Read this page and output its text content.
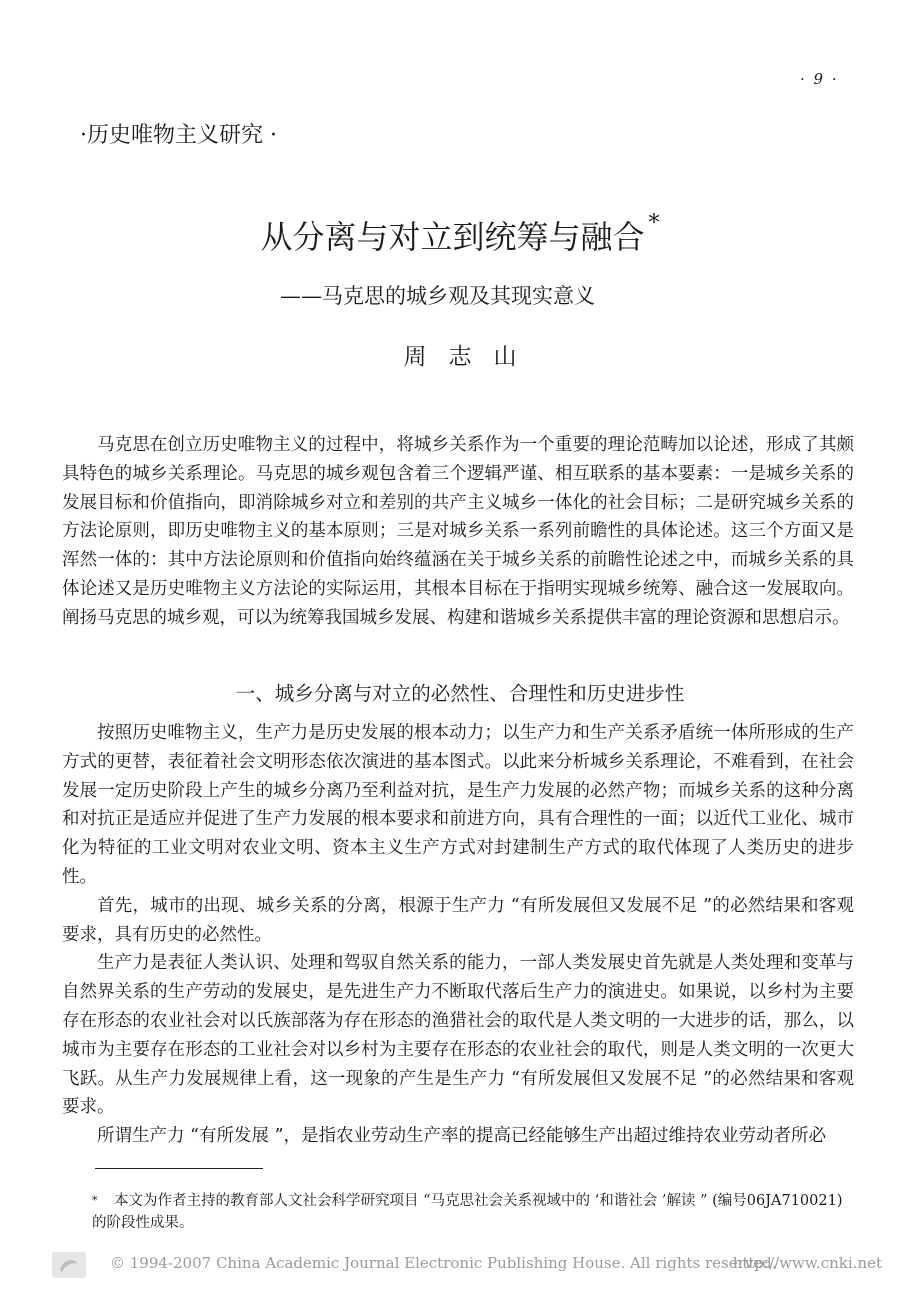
· 9 ·
·历史唯物主义研究 ·
从分离与对立到统筹与融合 *
——马克思的城乡观及其现实意义
周志山

马克思在创立历史唯物主义的过程中，将城乡关系作为一个重要的理论范畴加以论述，形成了其颇具特色的城乡关系理论。马克思的城乡观包含着三个逻辑严谨、相互联系的基本要素：一是城乡关系的发展目标和价值指向，即消除城乡对立和差别的共产主义城乡一体化的社会目标；二是研究城乡关系的方法论原则，即历史唯物主义的基本原则；三是对城乡关系一系列前瞻性的具体论述。这三个方面又是浑然一体的：其中方法论原则和价值指向始终蕴涵在关于城乡关系的前瞻性论述之中，而城乡关系的具体论述又是历史唯物主义方法论的实际运用，其根本目标在于指明实现城乡统筹、融合这一发展取向。阐扬马克思的城乡观，可以为统筹我国城乡发展、构建和谐城乡关系提供丰富的理论资源和思想启示。

一、城乡分离与对立的必然性、合理性和历史进步性

按照历史唯物主义，生产力是历史发展的根本动力；以生产力和生产关系矛盾统一体所形成的生产方式的更替，表征着社会文明形态依次演进的基本图式。以此来分析城乡关系理论，不难看到，在社会发展一定历史阶段上产生的城乡分离乃至利益对抗，是生产力发展的必然产物；而城乡关系的这种分离和对抗正是适应并促进了生产力发展的根本要求和前进方向，具有合理性的一面；以近代工业化、城市化为特征的工业文明对农业文明、资本主义生产方式对封建制生产方式的取代体现了人类历史的进步性。

首先，城市的出现、城乡关系的分离，根源于生产力 “有所发展但又发展不足 ”的必然结果和客观要求，具有历史的必然性。

生产力是表征人类认识、处理和驾驭自然关系的能力，一部人类发展史首先就是人类处理和变革与自然界关系的生产劳动的发展史，是先进生产力不断取代落后生产力的演进史。如果说，以乡村为主要存在形态的农业社会对以氏族部落为存在形态的渔猎社会的取代是人类文明的一大进步的话，那么，以城市为主要存在形态的工业社会对以乡村为主要存在形态的农业社会的取代，则是人类文明的一次更大飞跃。从生产力发展规律上看，这一现象的产生是生产力 “有所发展但又发展不足 ”的必然结果和客观要求。

所谓生产力 “有所发展 ”，是指农业劳动生产率的提高已经能够生产出超过维持农业劳动者所必

* 本文为作者主持的教育部人文社会科学研究项目 “马克思社会关系视域中的 ‘和谐社会 ’解读 ” (编号06JA710021) 的阶段性成果。
© 1994-2007 China Academic Journal Electronic Publishing House. All rights reserved.
http://www.cnki.net
